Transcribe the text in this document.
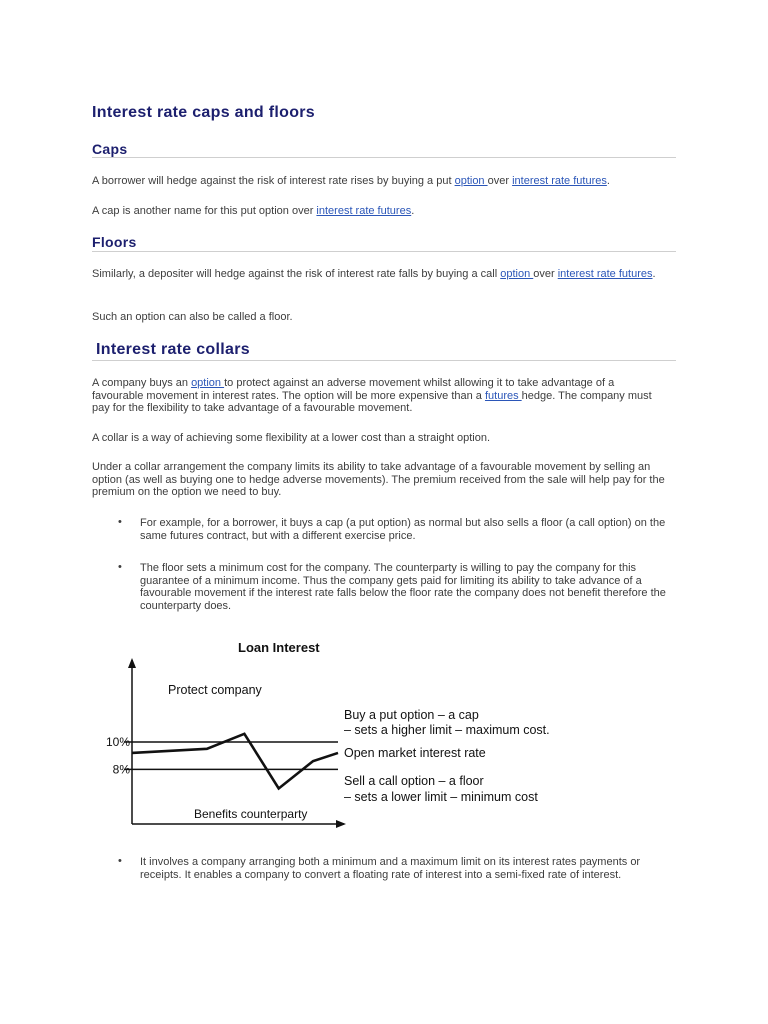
Interest rate caps and floors
Caps
A borrower will hedge against the risk of interest rate rises by buying a put option over interest rate futures.
A cap is another name for this put option over interest rate futures.
Floors
Similarly, a depositer will hedge against the risk of interest rate falls by buying a call option over interest rate futures.
Such an option can also be called a floor.
Interest rate collars
A company buys an option to protect against an adverse movement whilst allowing it to take advantage of a favourable movement in interest rates. The option will be more expensive than a futures hedge. The company must pay for the flexibility to take advantage of a favourable movement.
A collar is a way of achieving some flexibility at a lower cost than a straight option.
Under a collar arrangement the company limits its ability to take advantage of a favourable movement by selling an option (as well as buying one to hedge adverse movements). The premium received from the sale will help pay for the premium on the option we need to buy.
• For example, for a borrower, it buys a cap (a put option) as normal but also sells a floor (a call option) on the same futures contract, but with a different exercise price.
• The floor sets a minimum cost for the company. The counterparty is willing to pay the company for this guarantee of a minimum income. Thus the company gets paid for limiting its ability to take advance of a favourable movement if the interest rate falls below the floor rate the company does not benefit therefore the counterparty does.
Loan Interest
10%
8%
Protect company
Benefits counterparty
Buy a put option – a cap
– sets a higher limit – maximum cost.
Open market interest rate
Sell a call option – a floor
– sets a lower limit – minimum cost
• It involves a company arranging both a minimum and a maximum limit on its interest rates payments or receipts. It enables a company to convert a floating rate of interest into a semi-fixed rate of interest.
